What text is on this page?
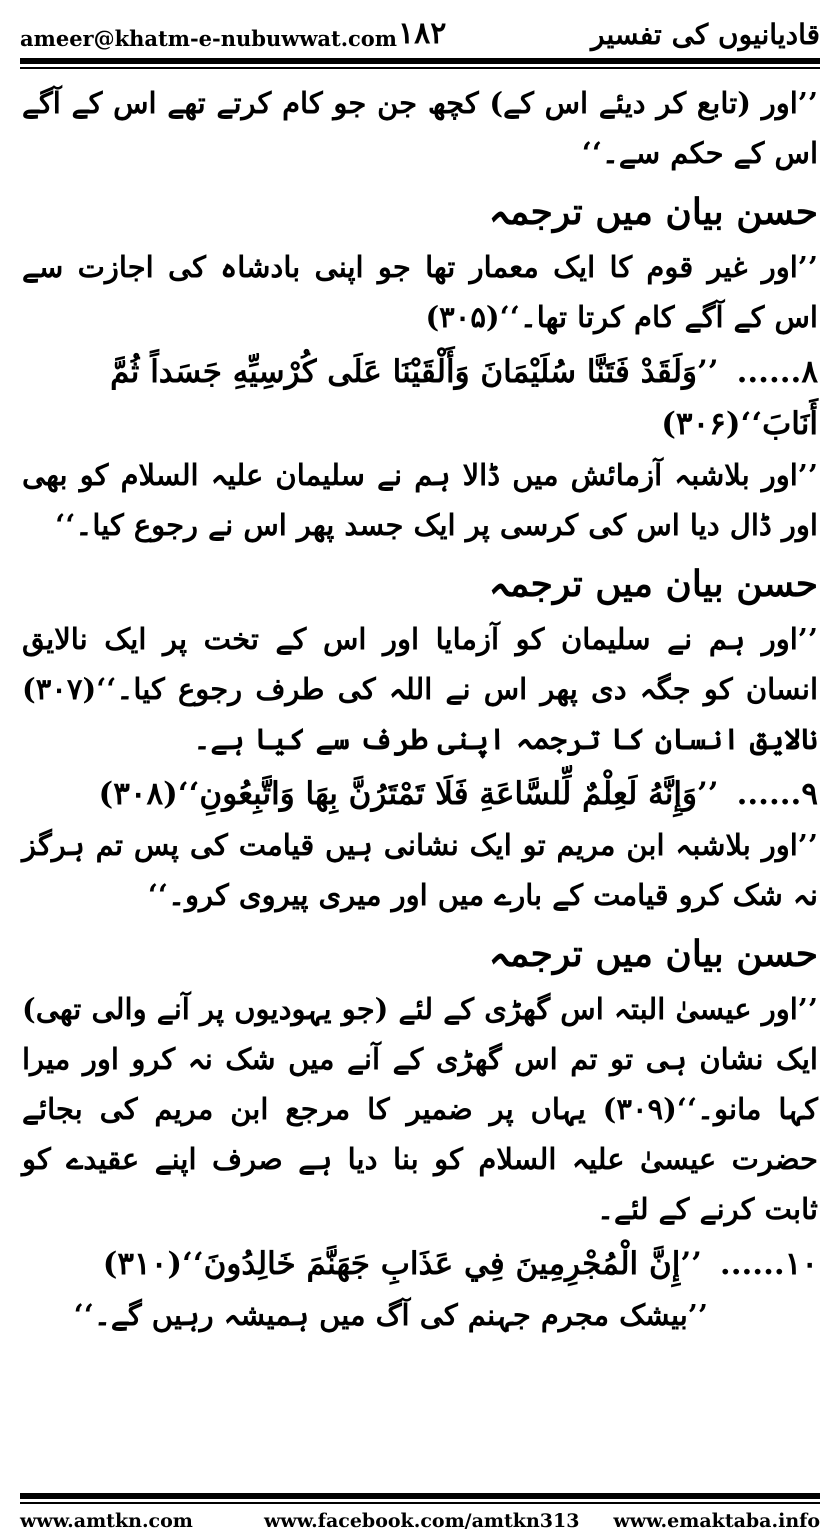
ameer@khatm-e-nubuwwat.com ۱۸۲	قادیانیوں کی تفسیر

’’اور (تابع کر دیئے اس کے) کچھ جن جو کام کرتے تھے اس کے آگے اس کے حکم سے۔‘‘

حسن بیان میں ترجمہ

’’اور غیر قوم کا ایک معمار تھا جو اپنی بادشاہ کی اجازت سے اس کے آگے کام کرتا تھا۔‘‘(۳۰۵)

۸......’’وَلَقَدْ فَتَنَّا سُلَيْمَانَ وَأَلْقَيْنَا عَلَى كُرْسِيِّهِ جَسَداً ثُمَّ أَنَابَ‘‘(۳۰۶)

’’اور بلاشبہ آزمائش میں ڈالا ہم نے سلیمان علیہ السلام کو بھی اور ڈال دیا اس کی کرسی پر ایک جسد پھر اس نے رجوع کیا۔‘‘

حسن بیان میں ترجمہ

’’اور ہم نے سلیمان کو آزمایا اور اس کے تخت پر ایک نالایق انسان کو جگہ دی پھر اس نے اللہ کی طرف رجوع کیا۔‘‘(۳۰۷) نالایق انسان کا ترجمہ اپنی طرف سے کیا ہے۔

۹......’’وَإِنَّهُ لَعِلْمٌ لِّلسَّاعَةِ فَلَا تَمْتَرُنَّ بِهَا وَاتَّبِعُونِ‘‘(۳۰۸)

’’اور بلاشبہ ابن مریم تو ایک نشانی ہیں قیامت کی پس تم ہرگز نہ شک کرو قیامت کے بارے میں اور میری پیروی کرو۔‘‘

حسن بیان میں ترجمہ

’’اور عیسیٰ البتہ اس گھڑی کے لئے (جو یہودیوں پر آنے والی تھی) ایک نشان ہی تو تم اس گھڑی کے آنے میں شک نہ کرو اور میرا کہا مانو۔‘‘(۳۰۹) یہاں پر ضمیر کا مرجع ابن مریم کی بجائے حضرت عیسیٰ علیہ السلام کو بنا دیا ہے صرف اپنے عقیدے کو ثابت کرنے کے لئے۔

۱۰......’’إِنَّ الْمُجْرِمِينَ فِي عَذَابِ جَهَنَّمَ خَالِدُونَ‘‘(۳۱۰)

’’بیشک مجرم جہنم کی آگ میں ہمیشہ رہیں گے۔‘‘

www.amtkn.com	www.facebook.com/amtkn313 www.emaktaba.info
